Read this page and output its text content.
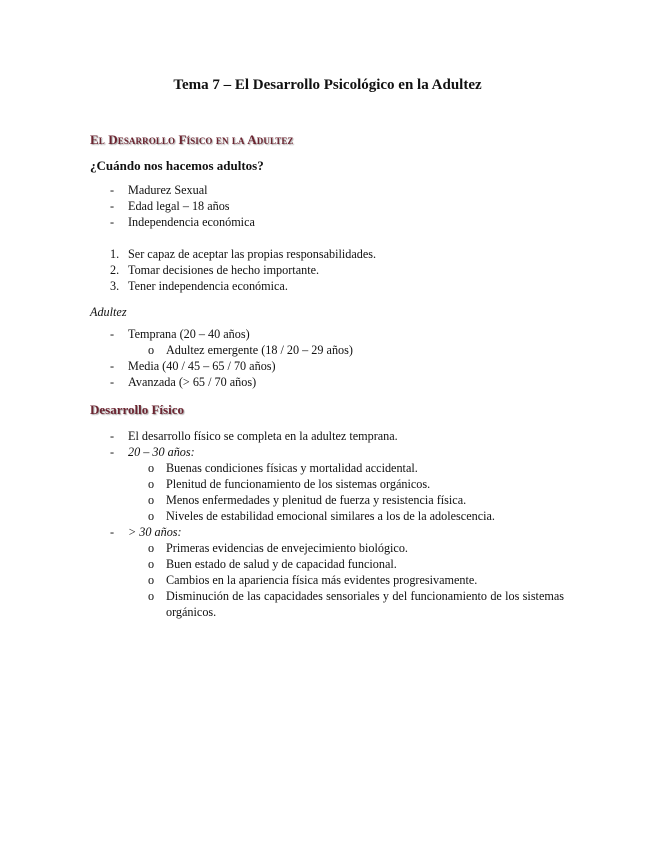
Tema 7 – El Desarrollo Psicológico en la Adultez
El Desarrollo Físico en la Adultez
¿Cuándo nos hacemos adultos?
- Madurez Sexual
- Edad legal – 18 años
- Independencia económica
1. Ser capaz de aceptar las propias responsabilidades.
2. Tomar decisiones de hecho importante.
3. Tener independencia económica.
Adultez
- Temprana (20 – 40 años)
o Adultez emergente (18 / 20 – 29 años)
- Media (40 / 45 – 65 / 70 años)
- Avanzada (> 65 / 70 años)
Desarrollo Físico
- El desarrollo físico se completa en la adultez temprana.
- 20 – 30 años:
o Buenas condiciones físicas y mortalidad accidental.
o Plenitud de funcionamiento de los sistemas orgánicos.
o Menos enfermedades y plenitud de fuerza y resistencia física.
o Niveles de estabilidad emocional similares a los de la adolescencia.
- > 30 años:
o Primeras evidencias de envejecimiento biológico.
o Buen estado de salud y de capacidad funcional.
o Cambios en la apariencia física más evidentes progresivamente.
o Disminución de las capacidades sensoriales y del funcionamiento de los sistemas orgánicos.
